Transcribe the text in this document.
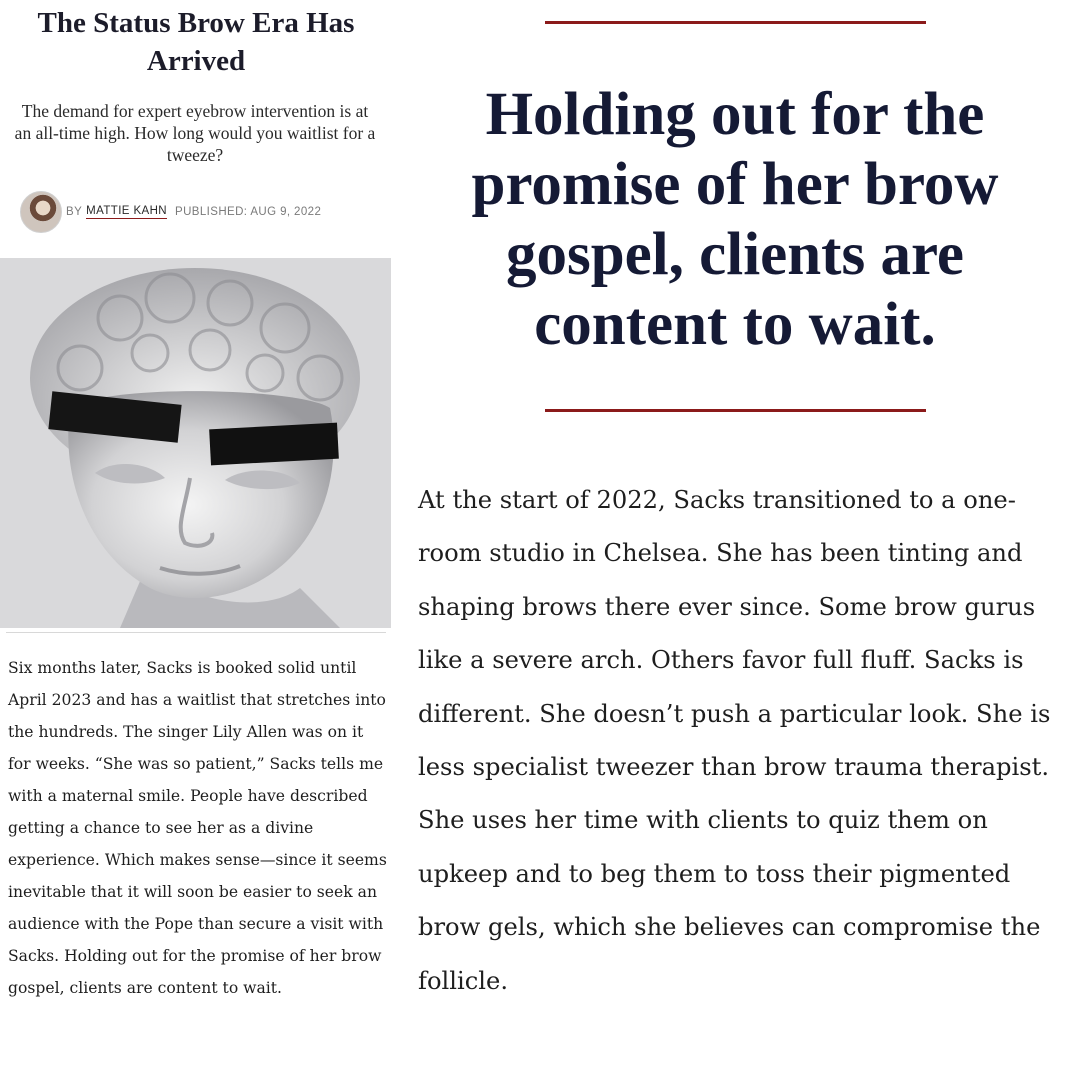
The Status Brow Era Has Arrived

The demand for expert eyebrow intervention is at an all-time high. How long would you waitlist for a tweeze?

BY MATTIE KAHN PUBLISHED: AUG 9, 2022

Six months later, Sacks is booked solid until April 2023 and has a waitlist that stretches into the hundreds. The singer Lily Allen was on it for weeks. “She was so patient,” Sacks tells me with a maternal smile. People have described getting a chance to see her as a divine experience. Which makes sense—since it seems inevitable that it will soon be easier to seek an audience with the Pope than secure a visit with Sacks. Holding out for the promise of her brow gospel, clients are content to wait.

Holding out for the promise of her brow gospel, clients are content to wait.

At the start of 2022, Sacks transitioned to a one-room studio in Chelsea. She has been tinting and shaping brows there ever since. Some brow gurus like a severe arch. Others favor full fluff. Sacks is different. She doesn’t push a particular look. She is less specialist tweezer than brow trauma therapist. She uses her time with clients to quiz them on upkeep and to beg them to toss their pigmented brow gels, which she believes can compromise the follicle.
